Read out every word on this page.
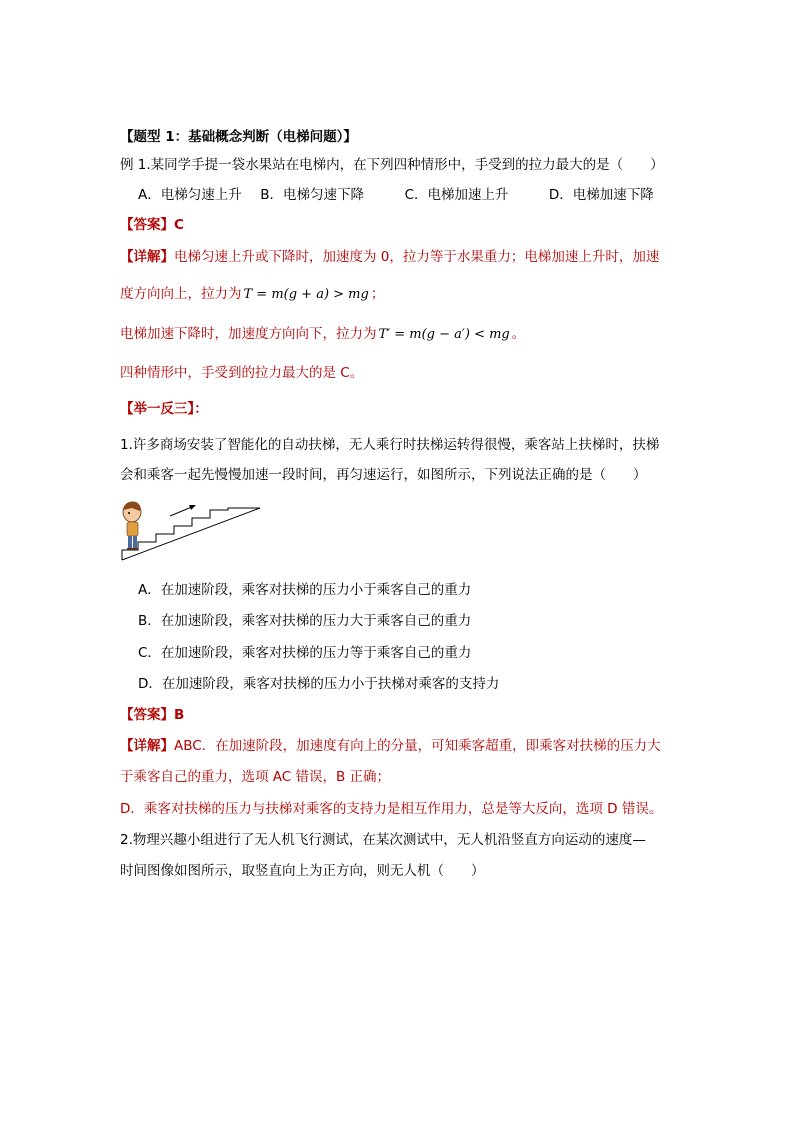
【题型 1：基础概念判断（电梯问题）】
例 1.某同学手提一袋水果站在电梯内，在下列四种情形中，手受到的拉力最大的是（　　）
A．电梯匀速上升 B．电梯匀速下降	C．电梯加速上升	D．电梯加速下降
【答案】C
【详解】电梯匀速上升或下降时，加速度为 0，拉力等于水果重力；电梯加速上升时，加速
度方向向上，拉力为 T = m(g + a) > mg ；
电梯加速下降时，加速度方向向下，拉力为 T′ = m(g − a′) < mg 。
四种情形中，手受到的拉力最大的是 C。
【举一反三】：
1.许多商场安装了智能化的自动扶梯，无人乘行时扶梯运转得很慢，乘客站上扶梯时，扶梯
会和乘客一起先慢慢加速一段时间，再匀速运行，如图所示，下列说法正确的是（　　）
A．在加速阶段，乘客对扶梯的压力小于乘客自己的重力
B．在加速阶段，乘客对扶梯的压力大于乘客自己的重力
C．在加速阶段，乘客对扶梯的压力等于乘客自己的重力
D．在加速阶段，乘客对扶梯的压力小于扶梯对乘客的支持力
【答案】B
【详解】ABC．在加速阶段，加速度有向上的分量，可知乘客超重，即乘客对扶梯的压力大
于乘客自己的重力，选项 AC 错误，B 正确；
D．乘客对扶梯的压力与扶梯对乘客的支持力是相互作用力，总是等大反向，选项 D 错误。
2.物理兴趣小组进行了无人机飞行测试，在某次测试中，无人机沿竖直方向运动的速度—
时间图像如图所示，取竖直向上为正方向，则无人机（　　）
